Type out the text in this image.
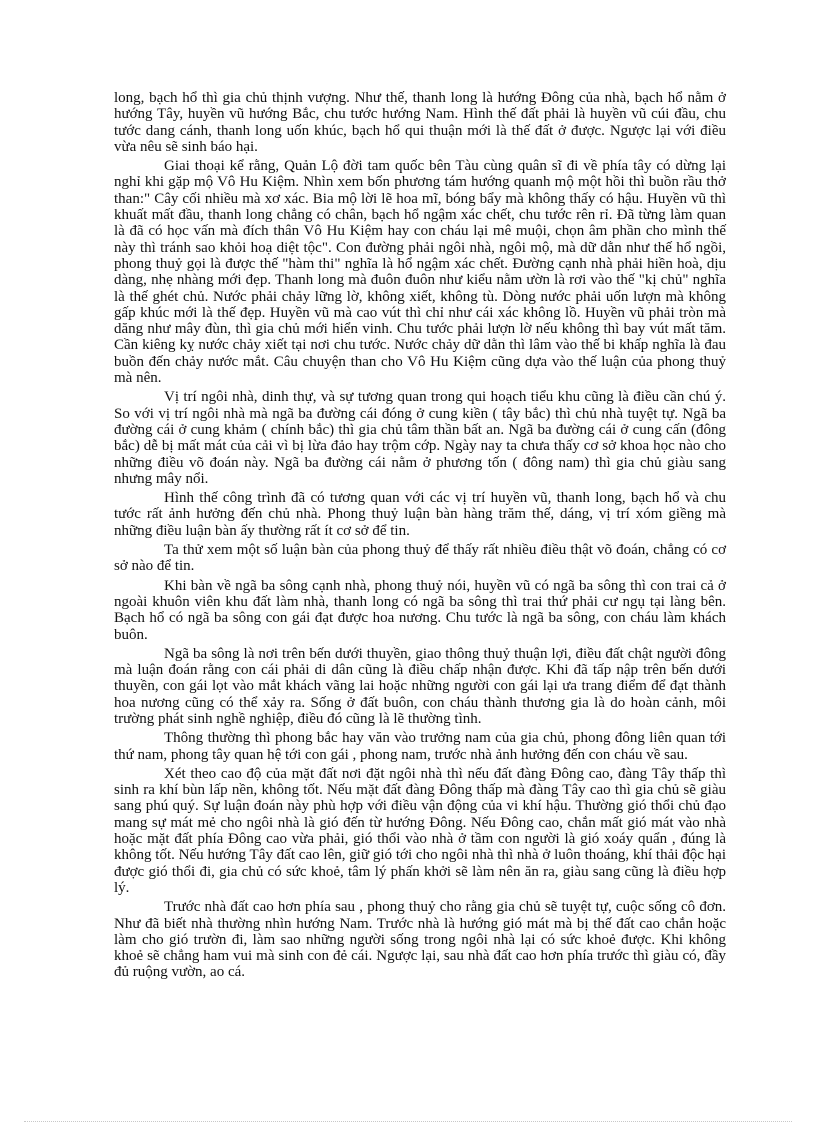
long, bạch hổ thì gia chủ thịnh vượng. Như thế, thanh long là hướng Đông của nhà, bạch hổ nằm ở hướng Tây, huyền vũ hướng Bắc, chu tước hướng Nam. Hình thế đất phải là huyền vũ cúi đầu, chu tước dang cánh, thanh long uốn khúc, bạch hổ qui thuận mới là thế đất ở được. Ngược lại với điều vừa nêu sẽ sinh báo hại.

Giai thoại kể rằng, Quản Lộ đời tam quốc bên Tàu cùng quân sĩ đi về phía tây có dừng lại nghỉ khi gặp mộ Vô Hu Kiệm. Nhìn xem bốn phương tám hướng quanh mộ một hồi thì buồn rầu thở than:" Cây cối nhiều mà xơ xác. Bia mộ lời lẽ hoa mĩ, bóng bẩy mà không thấy có hậu. Huyền vũ thì khuất mất đầu, thanh long chẳng có chân, bạch hổ ngậm xác chết, chu tước rên rỉ. Đã từng làm quan là đã có học vấn mà đích thân Vô Hu Kiệm hay con cháu lại mê muội, chọn âm phần cho mình thế này thì tránh sao khỏi hoạ diệt tộc". Con đường phải ngôi nhà, ngôi mộ, mà dữ dằn như thế hổ ngồi, phong thuỷ gọi là được thế "hàm thi" nghĩa là hổ ngậm xác chết. Đường cạnh nhà phải hiền hoà, dịu dàng, nhẹ nhàng mới đẹp. Thanh long mà đuôn đuôn như kiểu nằm ườn là rơi vào thế "kị chủ" nghĩa là thế ghét chủ. Nước phải chảy lững lờ, không xiết, không tù. Dòng nước phải uốn lượn mà không gấp khúc mới là thế đẹp. Huyền vũ mà cao vút thì chỉ như cái xác không lồ. Huyền vũ phải tròn mà dăng như mây đùn, thì gia chủ mới hiển vinh. Chu tước phải lượn lờ nếu không thì bay vút mất tăm. Cần kiêng kỵ nước chảy xiết tại nơi chu tước. Nước chảy dữ dằn thì lâm vào thế bi khấp nghĩa là đau buồn đến chảy nước mắt. Câu chuyện than cho Vô Hu Kiệm cũng dựa vào thế luận của phong thuỷ mà nên.

Vị trí ngôi nhà, dinh thự, và sự tương quan trong qui hoạch tiểu khu cũng là điều cần chú ý. So với vị trí ngôi nhà mà ngã ba đường cái đóng ở cung kiền ( tây bắc) thì chủ nhà tuyệt tự. Ngã ba đường cái ở cung khảm ( chính bắc) thì gia chủ tâm thần bất an. Ngã ba đường cái ở cung cấn (đông bắc) dễ bị mất mát của cải vì bị lừa đảo hay trộm cớp. Ngày nay ta chưa thấy cơ sở khoa học nào cho những điều võ đoán này. Ngã ba đường cái nằm ở phương tốn ( đông nam) thì gia chủ giàu sang nhưng mây nổi.

Hình thế công trình đã có tương quan với các vị trí huyền vũ, thanh long, bạch hổ và chu tước rất ảnh hưởng đến chủ nhà. Phong thuỷ luận bàn hàng trăm thế, dáng, vị trí xóm giềng mà những điều luận bàn ấy thường rất ít cơ sở để tin.

Ta thử xem một số luận bàn của phong thuỷ để thấy rất nhiều điều thật võ đoán, chẳng có cơ sở nào để tin.

Khi bàn về ngã ba sông cạnh nhà, phong thuỷ nói, huyền vũ có ngã ba sông thì con trai cả ở ngoài khuôn viên khu đất làm nhà, thanh long có ngã ba sông thì trai thứ phải cư ngụ tại làng bên. Bạch hổ có ngã ba sông con gái đạt được hoa nương. Chu tước là ngã ba sông, con cháu làm khách buôn.

Ngã ba sông là nơi trên bến dưới thuyền, giao thông thuỷ thuận lợi, điều đất chật người đông mà luận đoán rằng con cái phải di dân cũng là điều chấp nhận được. Khi đã tấp nập trên bến dưới thuyền, con gái lọt vào mắt khách vãng lai hoặc những người con gái lại ưa trang điểm để đạt thành hoa nương cũng có thể xảy ra. Sống ở đất buôn, con cháu thành thương gia là do hoàn cảnh, môi trường phát sinh nghề nghiệp, điều đó cũng là lẽ thường tình.

Thông thường thì phong bắc hay văn vào trưởng nam của gia chủ, phong đông liên quan tới thứ nam, phong tây quan hệ tới con gái , phong nam, trước nhà ảnh hưởng đến con cháu về sau.

Xét theo cao độ của mặt đất nơi đặt ngôi nhà thì nếu đất đàng Đông cao, đàng Tây thấp thì sinh ra khí bùn lấp nền, không tốt. Nếu mặt đất đàng Đông thấp mà đàng Tây cao thì gia chủ sẽ giàu sang phú quý. Sự luận đoán này phù hợp với điều vận động của vi khí hậu. Thường gió thổi chủ đạo mang sự mát mẻ cho ngôi nhà là gió đến từ hướng Đông. Nếu Đông cao, chắn mất gió mát vào nhà hoặc mặt đất phía Đông cao vừa phải, gió thổi vào nhà ở tầm con người là gió xoáy quẩn , đúng là không tốt. Nếu hướng Tây đất cao lên, giữ gió tới cho ngôi nhà thì nhà ở luôn thoáng, khí thải độc hại được gió thổi đi, gia chủ có sức khoẻ, tâm lý phấn khởi sẽ làm nên ăn ra, giàu sang cũng là điều hợp lý.

Trước nhà đất cao hơn phía sau , phong thuỷ cho rằng gia chủ sẽ tuyệt tự, cuộc sống cô đơn. Như đã biết nhà thường nhìn hướng Nam. Trước nhà là hướng gió mát mà bị thế đất cao chắn hoặc làm cho gió trườn đi, làm sao những người sống trong ngôi nhà lại có sức khoẻ được. Khi không khoẻ sẽ chẳng ham vui mà sinh con đẻ cái. Ngược lại, sau nhà đất cao hơn phía trước thì giàu có, đầy đủ ruộng vườn, ao cá.
